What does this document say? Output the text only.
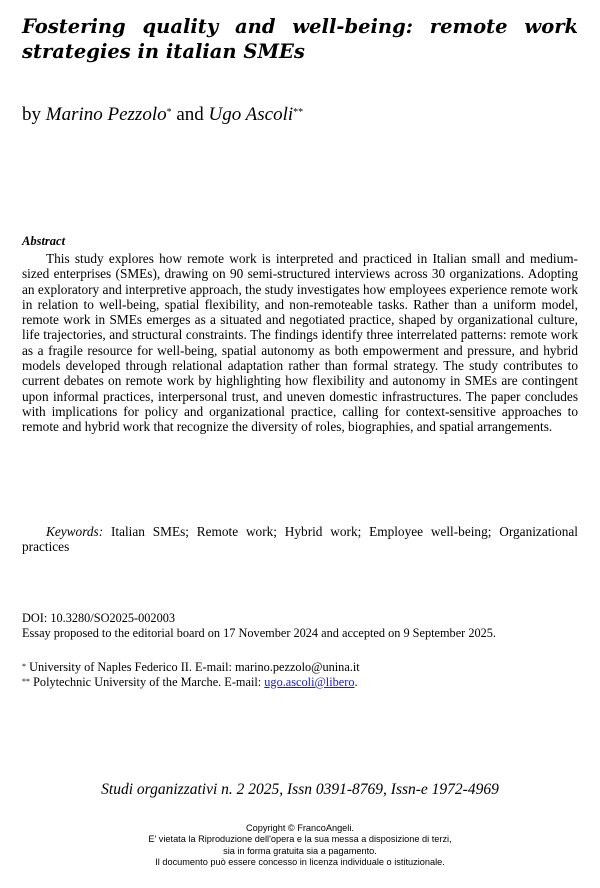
Fostering quality and well-being: remote work strategies in italian SMEs
by Marino Pezzolo* and Ugo Ascoli**
Abstract

This study explores how remote work is interpreted and practiced in Italian small and medium-sized enterprises (SMEs), drawing on 90 semi-structured interviews across 30 organizations. Adopting an exploratory and interpretive approach, the study investigates how employees experience remote work in relation to well-being, spatial flexibility, and non-remoteable tasks. Rather than a uniform model, remote work in SMEs emerges as a situated and negotiated practice, shaped by organizational culture, life trajectories, and structural constraints. The findings identify three interrelated patterns: remote work as a fragile resource for well-being, spatial autonomy as both empowerment and pressure, and hybrid models developed through relational adaptation rather than formal strategy. The study contributes to current debates on remote work by highlighting how flexibility and autonomy in SMEs are contingent upon informal practices, interpersonal trust, and uneven domestic infrastructures. The paper concludes with implications for policy and organizational practice, calling for context-sensitive approaches to remote and hybrid work that recognize the diversity of roles, biographies, and spatial arrangements.

Keywords: Italian SMEs; Remote work; Hybrid work; Employee well-being; Organizational practices

DOI: 10.3280/SO2025-002003

Essay proposed to the editorial board on 17 November 2024 and accepted on 9 September 2025.

* University of Naples Federico II. E-mail: marino.pezzolo@unina.it

** Polytechnic University of the Marche. E-mail: ugo.ascoli@libero.

Studi organizzativi n. 2 2025, Issn 0391-8769, Issn-e 1972-4969
Copyright © FrancoAngeli.
E' vietata la Riproduzione dell'opera e la sua messa a disposizione di terzi,
sia in forma gratuita sia a pagamento.
Il documento può essere concesso in licenza individuale o istituzionale.
